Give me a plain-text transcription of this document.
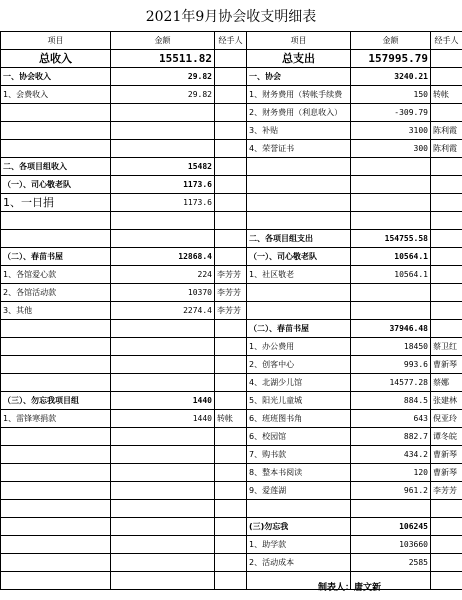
2021年9月协会收支明细表
项目	金额	经手人	项目	金额	经手人
总收入	15511.82		总支出	157995.79	
一、协会收入	29.82		一、协会	3240.21	
1、会费收入	29.82		1、财务费用（转帐手续费	150	转帐
			2、财务费用（利息收入）	-309.79	
			3、补贴	3100	陈利霞
			4、荣誉证书	300	陈利霞
二、各项目组收入	15482				
（一）、司心敬老队	1173.6				
1、一日捐	1173.6				

			二、各项目组支出	154755.58	
（二）、春苗书屋	12868.4		（一）、司心敬老队	10564.1	
1、各馆爱心款	224	李芳芳	1、社区敬老	10564.1	
2、各馆活动款	10370	李芳芳			
3、其他	2274.4	李芳芳			
			（二）、春苗书屋	37946.48	
			1、办公费用	18450	蔡卫红
			2、创客中心	993.6	曹新琴
			4、北湖少儿馆	14577.28	蔡娜
（三）、勿忘我项目组	1440		5、阳光儿童城	884.5	张建林
1、雷锋寒捐款	1440	转帐	6、班班图书角	643	倪亚玲
			6、校园馆	882.7	谭冬皖
			7、购书款	434.2	曹新琴
			8、整本书阅读	120	曹新琴
			9、爱莲湖	961.2	李芳芳

			(三)勿忘我	106245	
			1、助学款	103660	
			2、活动成本	2585	

制表人：唐文新
